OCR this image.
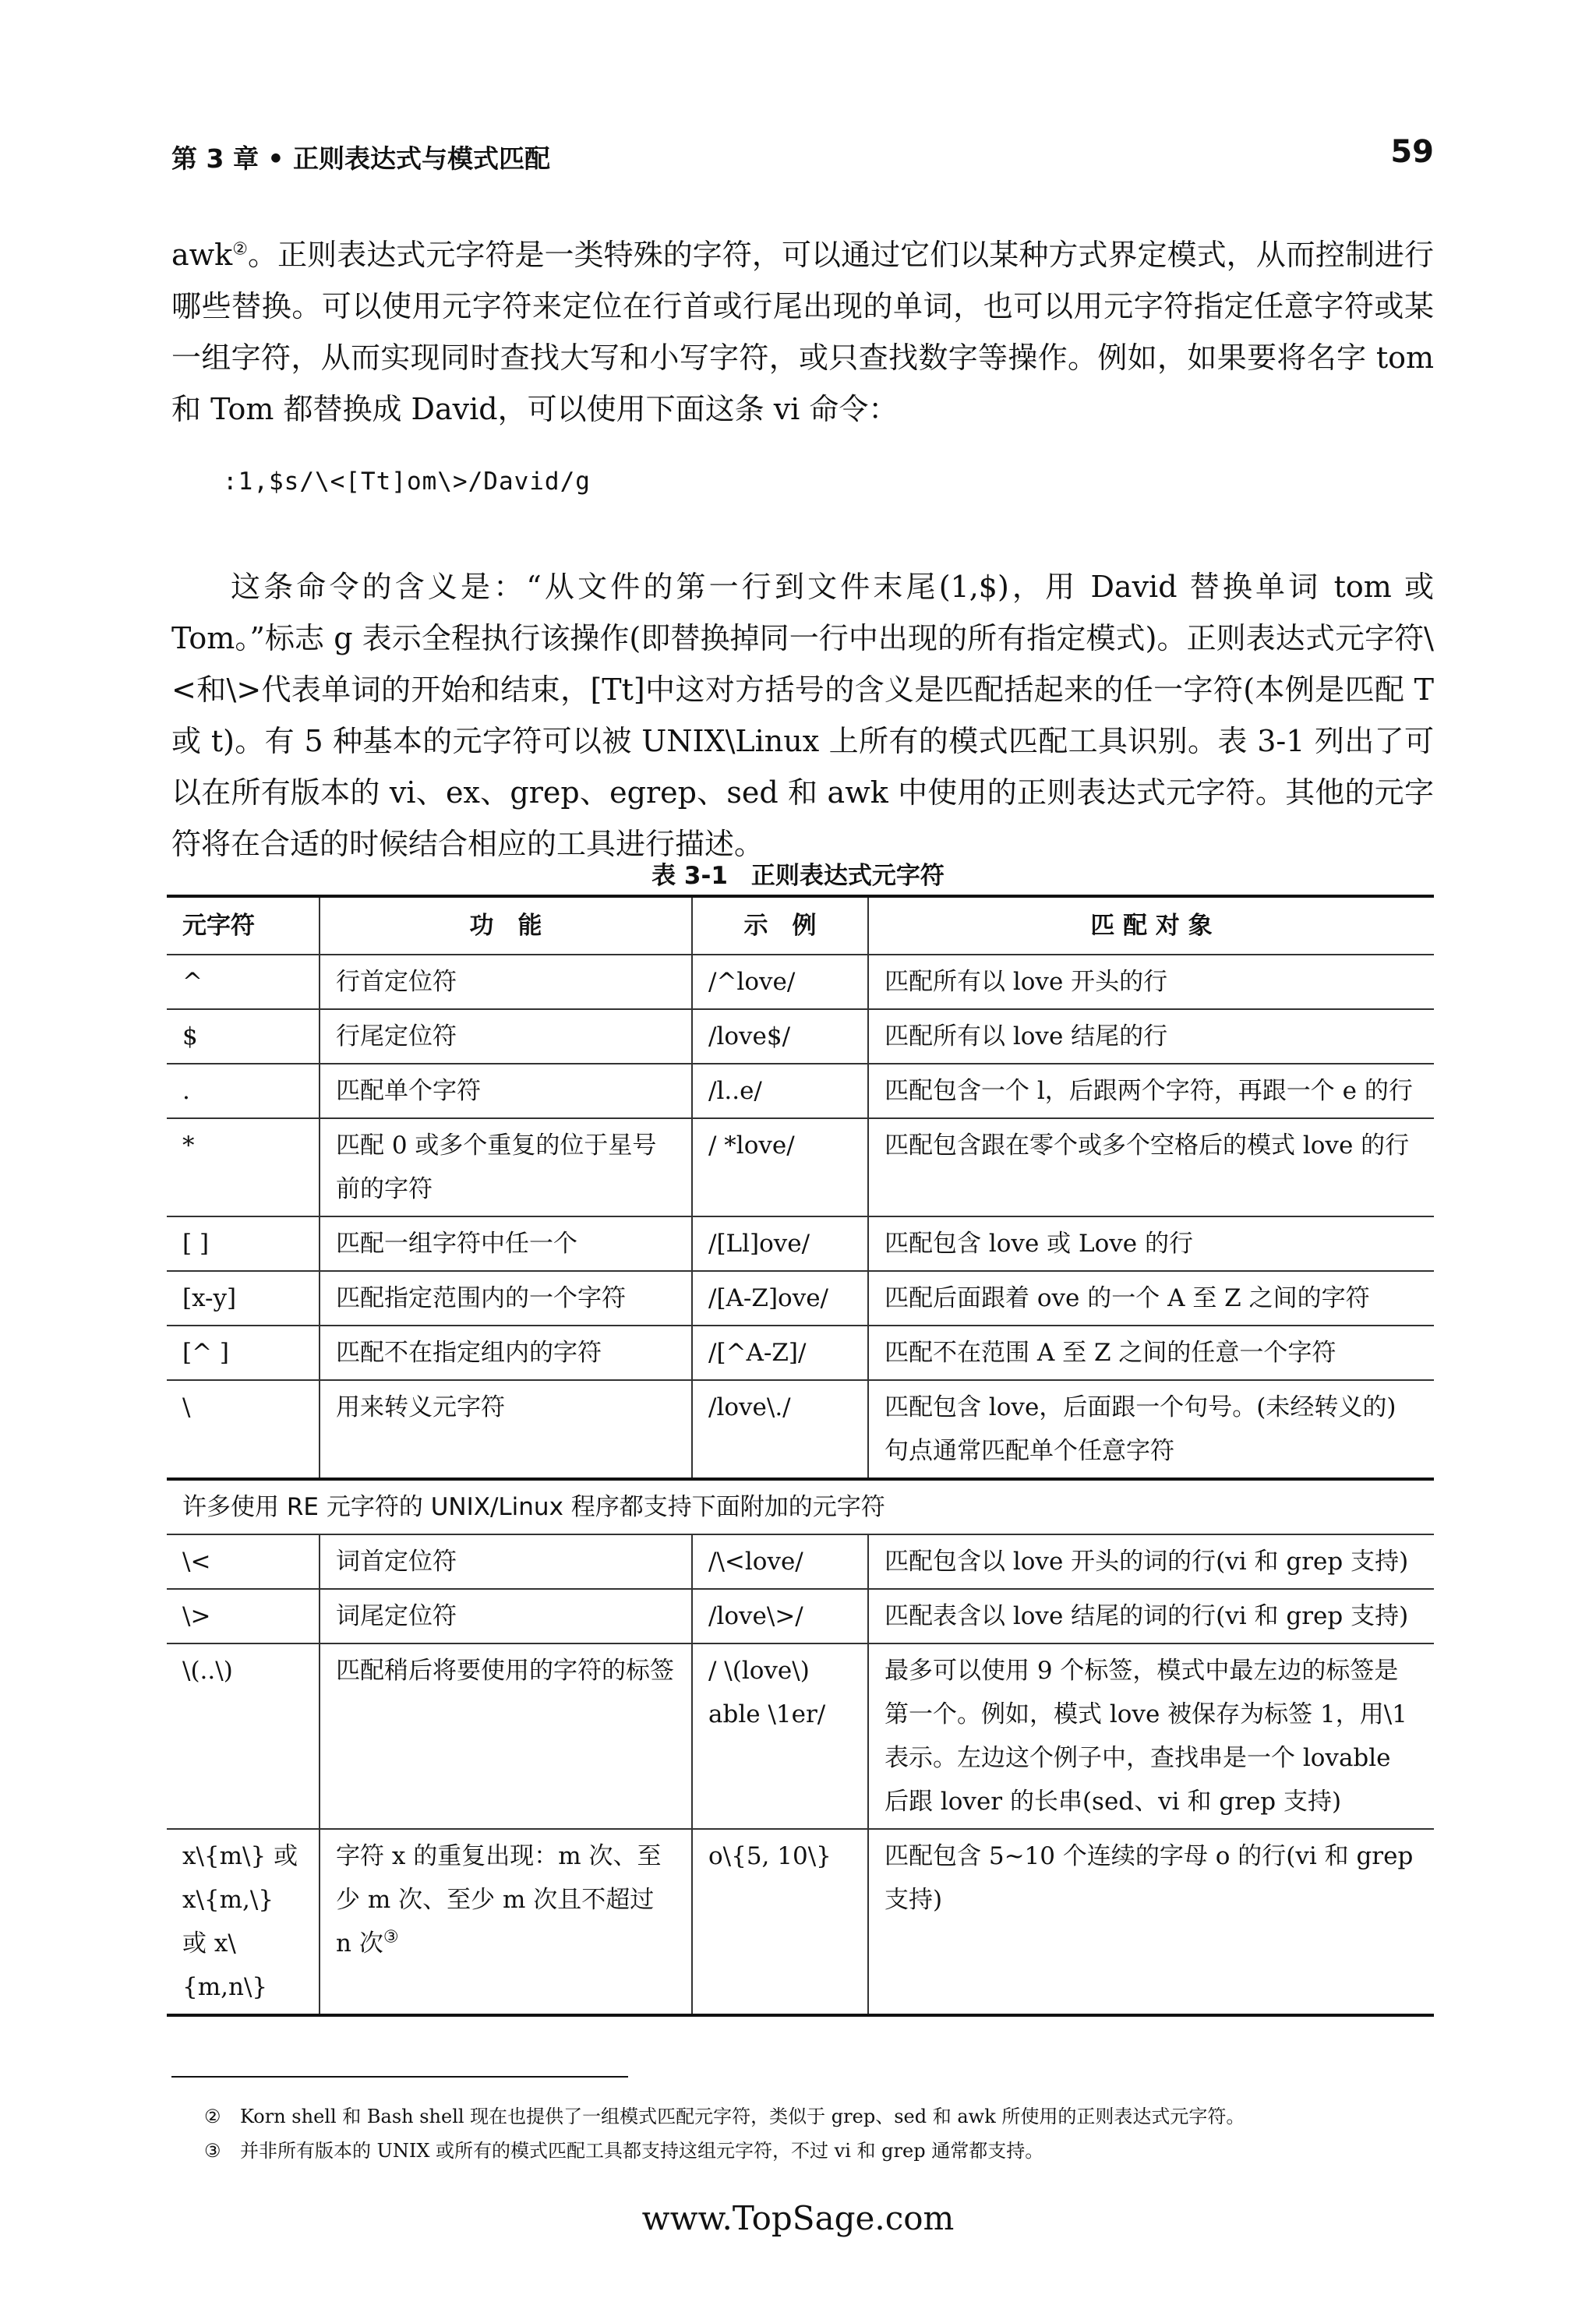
第 3 章 • 正则表达式与模式匹配	59

awk②。正则表达式元字符是一类特殊的字符，可以通过它们以某种方式界定模式，从而控制进行哪些替换。可以使用元字符来定位在行首或行尾出现的单词，也可以用元字符指定任意字符或某一组字符，从而实现同时查找大写和小写字符，或只查找数字等操作。例如，如果要将名字 tom 和 Tom 都替换成 David，可以使用下面这条 vi 命令：

:1,$s/\<[Tt]om\>/David/g

这条命令的含义是：“从文件的第一行到文件末尾(1,$)，用 David 替换单词 tom 或 Tom。”标志 g 表示全程执行该操作(即替换掉同一行中出现的所有指定模式)。正则表达式元字符\<和\>代表单词的开始和结束，[Tt]中这对方括号的含义是匹配括起来的任一字符(本例是匹配 T 或 t)。有 5 种基本的元字符可以被 UNIX\Linux 上所有的模式匹配工具识别。表 3-1 列出了可以在所有版本的 vi、ex、grep、egrep、sed 和 awk 中使用的正则表达式元字符。其他的元字符将在合适的时候结合相应的工具进行描述。

表 3-1 正则表达式元字符
元字符	功　能	示　例	匹 配 对 象
^	行首定位符	/^love/	匹配所有以 love 开头的行
$	行尾定位符	/love$/	匹配所有以 love 结尾的行
.	匹配单个字符	/l..e/	匹配包含一个 l，后跟两个字符，再跟一个 e 的行
*	匹配 0 或多个重复的位于星号前的字符	/ *love/	匹配包含跟在零个或多个空格后的模式 love 的行
[ ]	匹配一组字符中任一个	/[Ll]ove/	匹配包含 love 或 Love 的行
[x-y]	匹配指定范围内的一个字符	/[A-Z]ove/	匹配后面跟着 ove 的一个 A 至 Z 之间的字符
[^ ]	匹配不在指定组内的字符	/[^A-Z]/	匹配不在范围 A 至 Z 之间的任意一个字符
\	用来转义元字符	/love\./	匹配包含 love，后面跟一个句号。(未经转义的)句点通常匹配单个任意字符
许多使用 RE 元字符的 UNIX/Linux 程序都支持下面附加的元字符			
\<	词首定位符	/\<love/	匹配包含以 love 开头的词的行(vi 和 grep 支持)
\>	词尾定位符	/love\>/	匹配表含以 love 结尾的词的行(vi 和 grep 支持)
\(..\)	匹配稍后将要使用的字符的标签	/ \(love\) able \1er/	最多可以使用 9 个标签，模式中最左边的标签是第一个。例如，模式 love 被保存为标签 1，用\1 表示。左边这个例子中，查找串是一个 lovable 后跟 lover 的长串(sed、vi 和 grep 支持)
x\{m\} 或 x\{m,\} 或 x\{m,n\}	字符 x 的重复出现：m 次、至少 m 次、至少 m 次且不超过 n 次③	o\{5, 10\}	匹配包含 5~10 个连续的字母 o 的行(vi 和 grep 支持)
② Korn shell 和 Bash shell 现在也提供了一组模式匹配元字符，类似于 grep、sed 和 awk 所使用的正则表达式元字符。
③ 并非所有版本的 UNIX 或所有的模式匹配工具都支持这组元字符，不过 vi 和 grep 通常都支持。
www.TopSage.com
